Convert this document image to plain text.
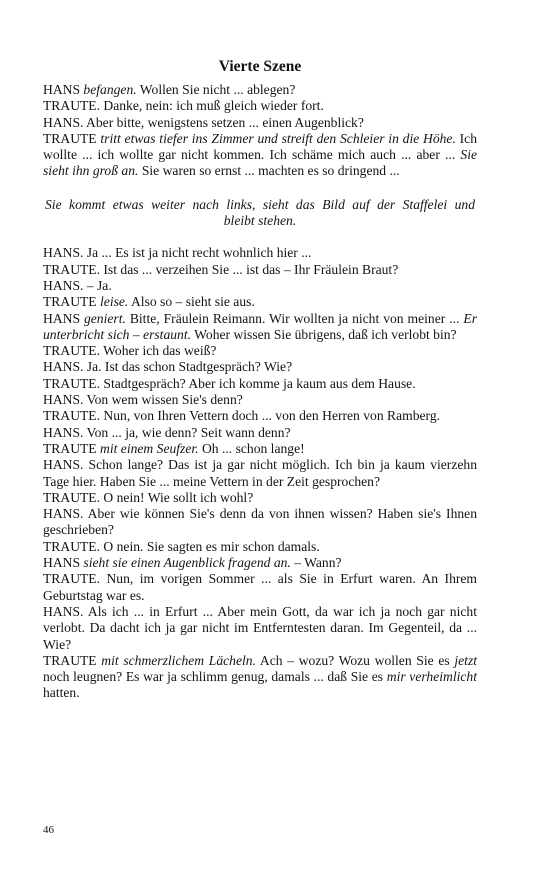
Vierte Szene

HANS befangen. Wollen Sie nicht ... ablegen?

TRAUTE. Danke, nein: ich muß gleich wieder fort.

HANS. Aber bitte, wenigstens setzen ... einen Augenblick?

TRAUTE tritt etwas tiefer ins Zimmer und streift den Schleier in die Höhe. Ich wollte ... ich wollte gar nicht kommen. Ich schäme mich auch ... aber ... Sie sieht ihn groß an. Sie waren so ernst ... machten es so dringend ...

Sie kommt etwas weiter nach links, sieht das Bild auf der Staffelei und
bleibt stehen.

HANS. Ja ... Es ist ja nicht recht wohnlich hier ...

TRAUTE. Ist das ... verzeihen Sie ... ist das – Ihr Fräulein Braut?

HANS. – Ja.

TRAUTE leise. Also so – sieht sie aus.

HANS geniert. Bitte, Fräulein Reimann. Wir wollten ja nicht von meiner ... Er unterbricht sich – erstaunt. Woher wissen Sie übrigens, daß ich verlobt bin?

TRAUTE. Woher ich das weiß?

HANS. Ja. Ist das schon Stadtgespräch? Wie?

TRAUTE. Stadtgespräch? Aber ich komme ja kaum aus dem Hause.

HANS. Von wem wissen Sie's denn?

TRAUTE. Nun, von Ihren Vettern doch ... von den Herren von Ramberg.

HANS. Von ... ja, wie denn? Seit wann denn?

TRAUTE mit einem Seufzer. Oh ... schon lange!

HANS. Schon lange? Das ist ja gar nicht möglich. Ich bin ja kaum vierzehn Tage hier. Haben Sie ... meine Vettern in der Zeit gesprochen?

TRAUTE. O nein! Wie sollt ich wohl?

HANS. Aber wie können Sie's denn da von ihnen wissen? Haben sie's Ihnen geschrieben?

TRAUTE. O nein. Sie sagten es mir schon damals.

HANS sieht sie einen Augenblick fragend an. – Wann?

TRAUTE. Nun, im vorigen Sommer ... als Sie in Erfurt waren. An Ihrem Geburtstag war es.

HANS. Als ich ... in Erfurt ... Aber mein Gott, da war ich ja noch gar nicht verlobt. Da dacht ich ja gar nicht im Entferntesten daran. Im Gegenteil, da ... Wie?

TRAUTE mit schmerzlichem Lächeln. Ach – wozu? Wozu wollen Sie es jetzt noch leugnen? Es war ja schlimm genug, damals ... daß Sie es mir verheimlicht hatten.

46
